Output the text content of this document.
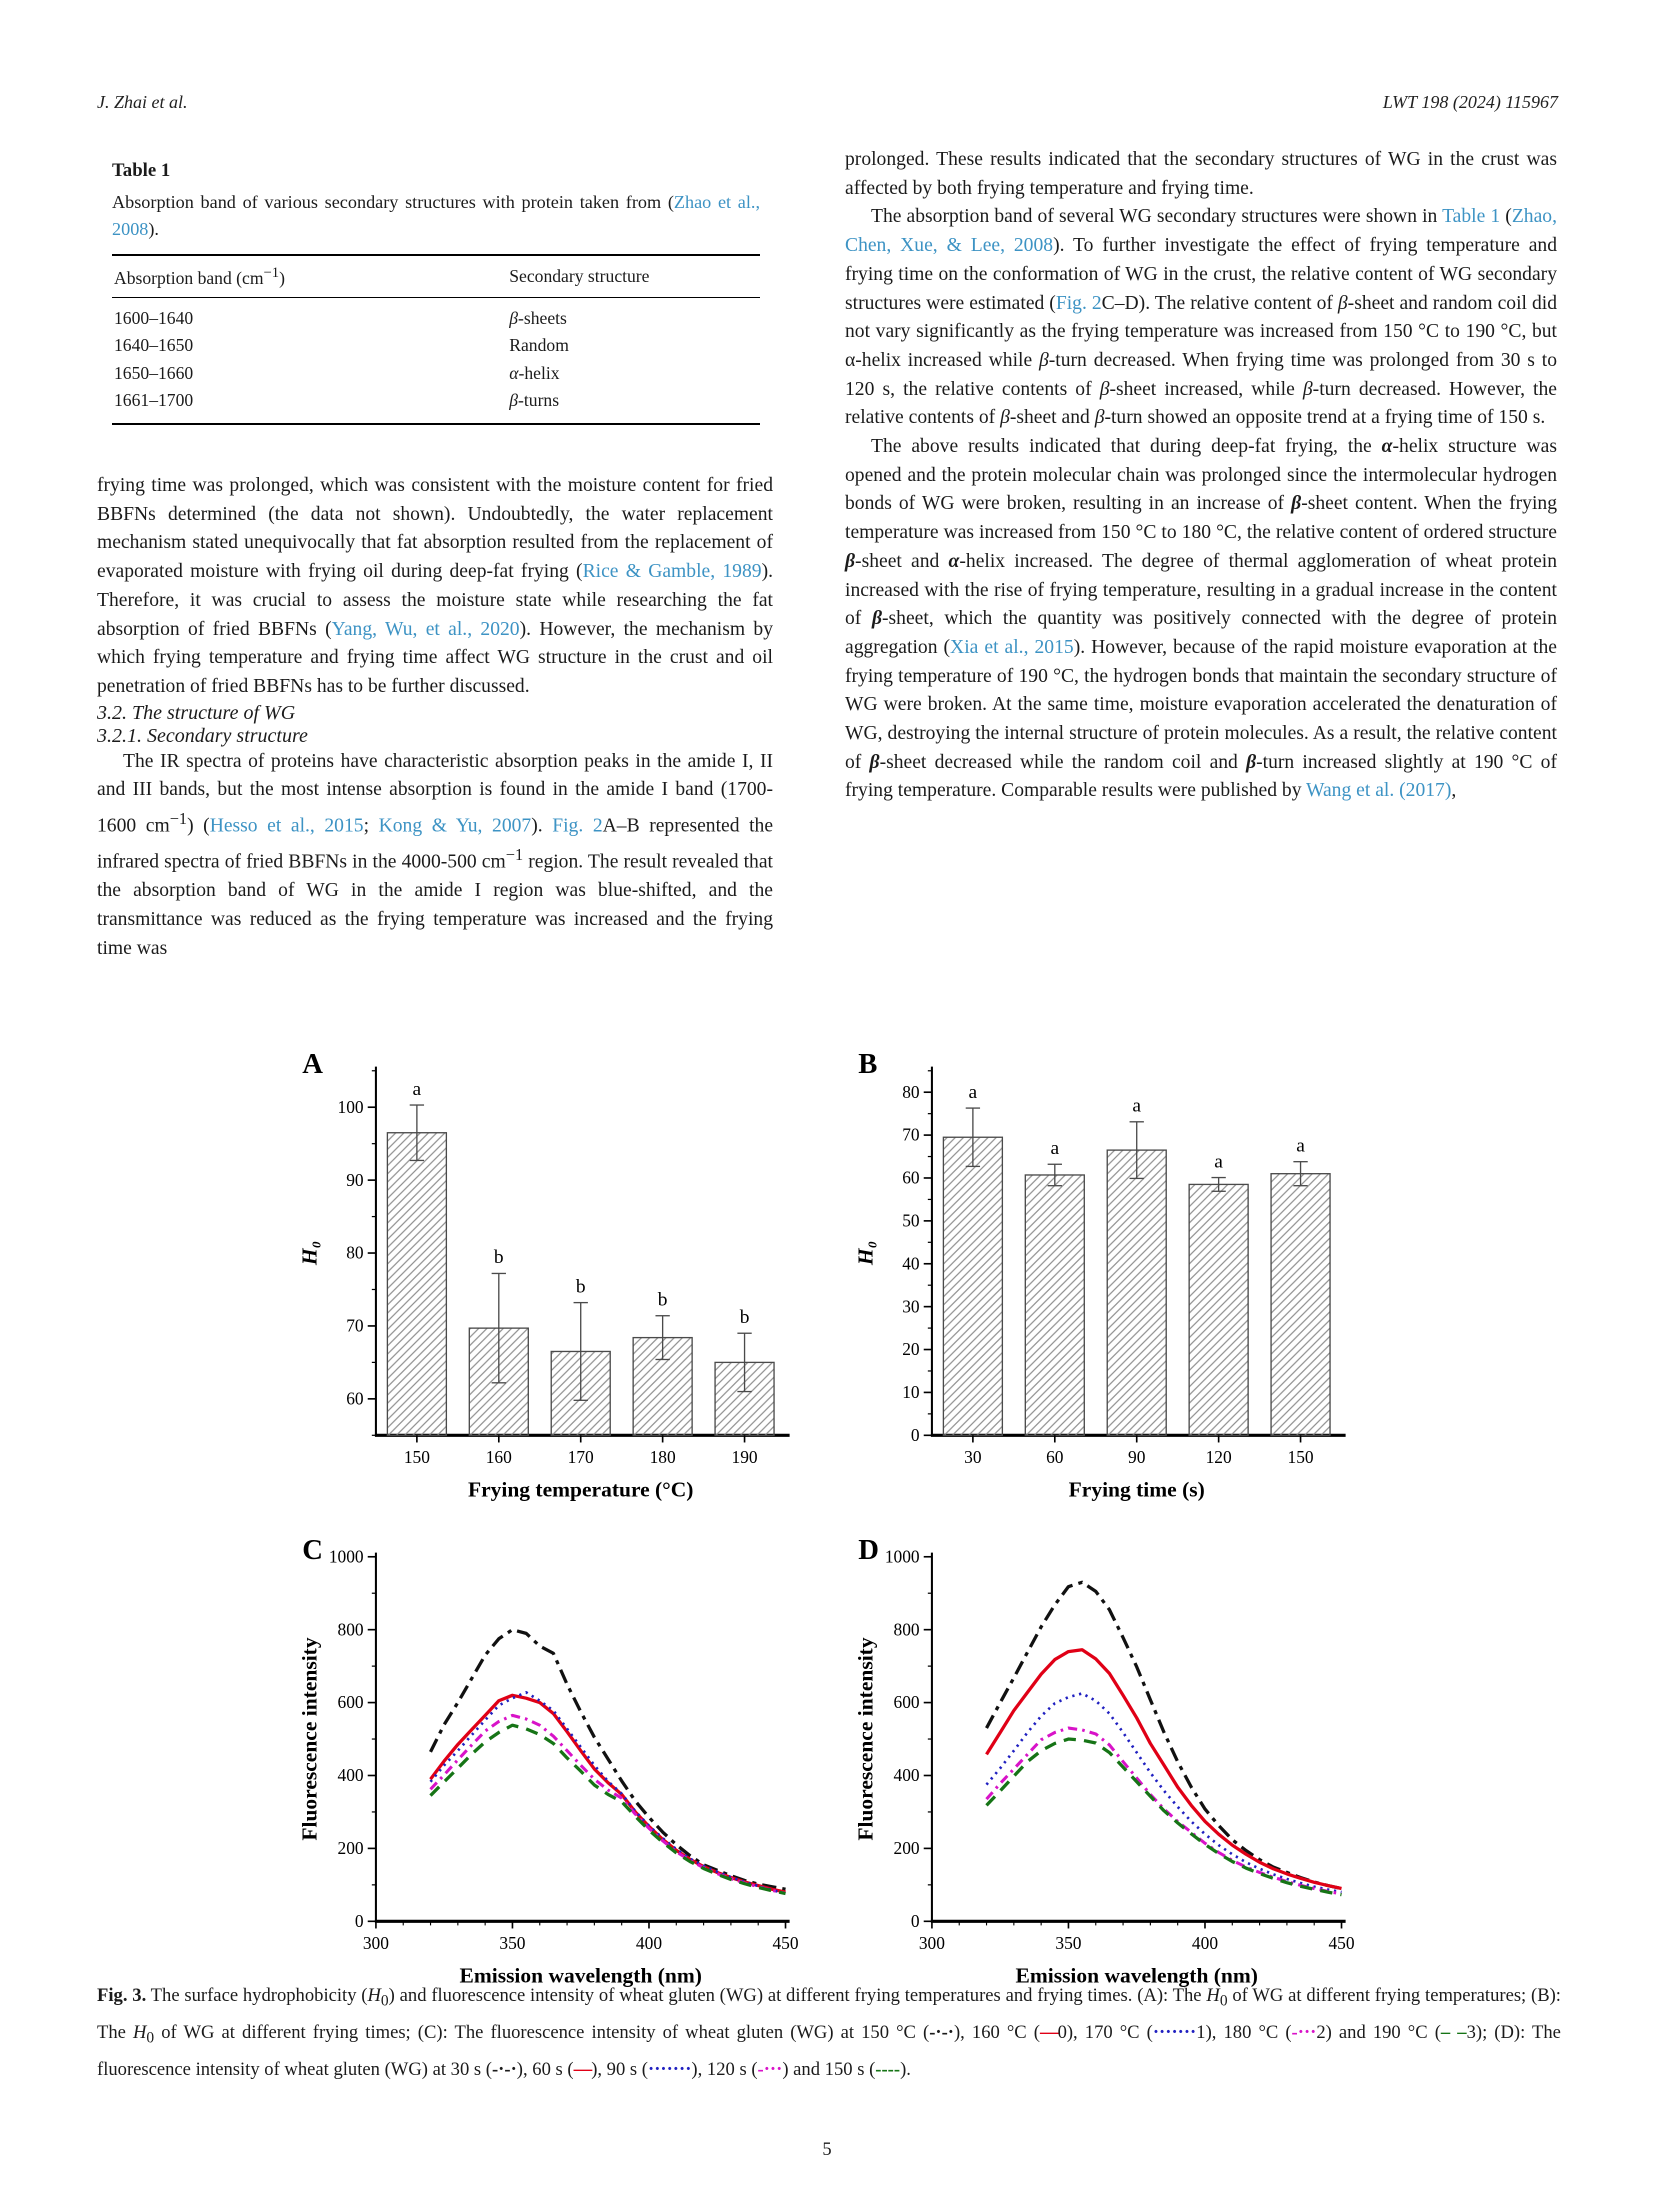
J. Zhai et al.	LWT 198 (2024) 115967
Table 1
Absorption band of various secondary structures with protein taken from (Zhao et al., 2008).
Absorption band $(cm^{-1})$	Secondary structure
1600–1640	β-sheets
1640–1650	Random
1650–1660	α-helix
1661–1700	β-turns

frying time was prolonged, which was consistent with the moisture content for fried BBFNs determined (the data not shown). Undoubtedly, the water replacement mechanism stated unequivocally that fat absorption resulted from the replacement of evaporated moisture with frying oil during deep-fat frying (Rice & Gamble, 1989). Therefore, it was crucial to assess the moisture state while researching the fat absorption of fried BBFNs (Yang, Wu, et al., 2020). However, the mechanism by which frying temperature and frying time affect WG structure in the crust and oil penetration of fried BBFNs has to be further discussed.

3.2. The structure of WG
3.2.1. Secondary structure

The IR spectra of proteins have characteristic absorption peaks in the amide I, II and III bands, but the most intense absorption is found in the amide I band (1700-1600 $cm^{-1}$) (Hesso et al., 2015; Kong & Yu, 2007). Fig. 2A–B represented the infrared spectra of fried BBFNs in the 4000-500 $cm^{-1}$ region. The result revealed that the absorption band of WG in the amide I region was blue-shifted, and the transmittance was reduced as the frying temperature was increased and the frying time was

prolonged. These results indicated that the secondary structures of WG in the crust was affected by both frying temperature and frying time.

The absorption band of several WG secondary structures were shown in Table 1 (Zhao, Chen, Xue, & Lee, 2008). To further investigate the effect of frying temperature and frying time on the conformation of WG in the crust, the relative content of WG secondary structures were estimated (Fig. 2C–D). The relative content of β-sheet and random coil did not vary significantly as the frying temperature was increased from 150 °C to 190 °C, but α-helix increased while β-turn decreased. When frying time was prolonged from 30 s to 120 s, the relative contents of β-sheet increased, while β-turn decreased. However, the relative contents of β-sheet and β-turn showed an opposite trend at a frying time of 150 s.

The above results indicated that during deep-fat frying, the α-helix structure was opened and the protein molecular chain was prolonged since the intermolecular hydrogen bonds of WG were broken, resulting in an increase of β-sheet content. When the frying temperature was increased from 150 °C to 180 °C, the relative content of ordered structure β-sheet and α-helix increased. The degree of thermal agglomeration of wheat protein increased with the rise of frying temperature, resulting in a gradual increase in the content of β-sheet, which the quantity was positively connected with the degree of protein aggregation (Xia et al., 2015). However, because of the rapid moisture evaporation at the frying temperature of 190 °C, the hydrogen bonds that maintain the secondary structure of WG were broken. At the same time, moisture evaporation accelerated the denaturation of WG, destroying the internal structure of protein molecules. As a result, the relative content of β-sheet decreased while the random coil and β-turn increased slightly at 190 °C of frying temperature. Comparable results were published by Wang et al. (2017),

60
70
80
90
100
H₀
Frying temperature (°C)
A
a
150
b
160
b
170
b
180
b
190
0
10
20
30
40
50
60
70
80
H₀
Frying time (s)
B
a
30
a
60
a
90
a
120
a
150
0
200
400
600
800
1000
Fluorescence intensity
Emission wavelength (nm)
C
300	350	400	450
0
200
400
600
800
1000
Fluorescence intensity
Emission wavelength (nm)
D
300	350	400	450
Fig. 3. The surface hydrophobicity $(H_0)$ and fluorescence intensity of wheat gluten (WG) at different frying temperatures and frying times. (A): The $H_0$ of WG at different frying temperatures; (B): The $H_0$ of WG at different frying times; (C): The fluorescence intensity of wheat gluten (WG) at 150 °C (-·-·), 160 °C (—0), 170 °C (·······1), 180 °C (-···2) and 190 °C (– –3); (D): The fluorescence intensity of wheat gluten (WG) at 30 s (-·-·), 60 s (—), 90 s (·······), 120 s (-···) and 150 s (----).
5
